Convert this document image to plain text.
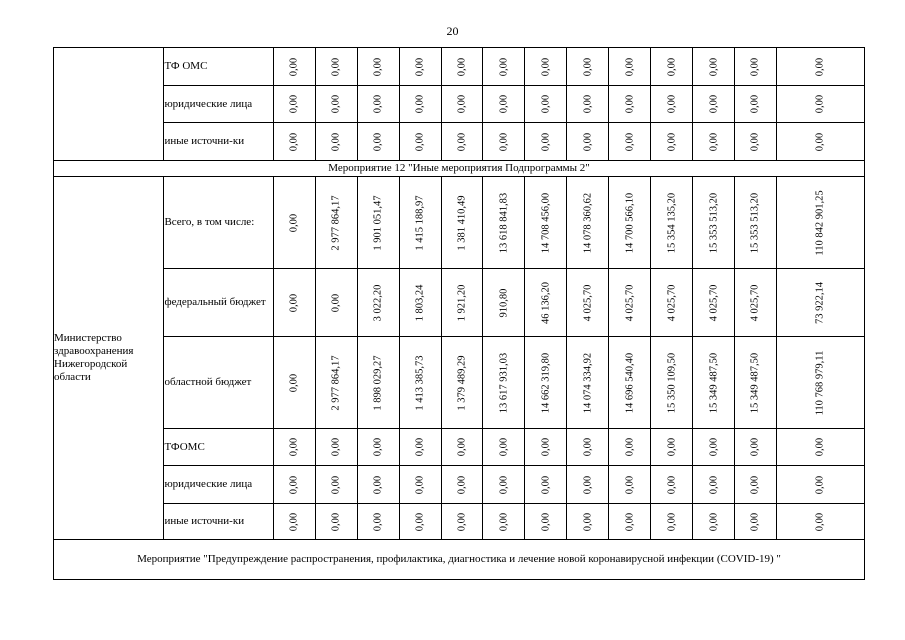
20
	ТФ ОМС	0,00	0,00	0,00	0,00	0,00	0,00	0,00	0,00	0,00	0,00	0,00	0,00	0,00

	юридические лица	0,00	0,00	0,00	0,00	0,00	0,00	0,00	0,00	0,00	0,00	0,00	0,00	0,00

	иные источни-ки	0,00	0,00	0,00	0,00	0,00	0,00	0,00	0,00	0,00	0,00	0,00	0,00	0,00

Мероприятие 12 "Иные мероприятия Подпрограммы 2"														
Министерство здравоохранения Нижегородской области	Всего, в том числе:	0,00	2 977 864,17	1 901 051,47	1 415 188,97	1 381 410,49	13 618 841,83	14 708 456,00	14 078 360,62	14 700 566,10	15 354 135,20	15 353 513,20	15 353 513,20	110 842 901,25

	федеральный бюджет	0,00	0,00	3 022,20	1 803,24	1 921,20	910,80	46 136,20	4 025,70	4 025,70	4 025,70	4 025,70	4 025,70	73 922,14

	областной бюджет	0,00	2 977 864,17	1 898 029,27	1 413 385,73	1 379 489,29	13 617 931,03	14 662 319,80	14 074 334,92	14 696 540,40	15 350 109,50	15 349 487,50	15 349 487,50	110 768 979,11

	ТФОМС	0,00	0,00	0,00	0,00	0,00	0,00	0,00	0,00	0,00	0,00	0,00	0,00	0,00

	юридические лица	0,00	0,00	0,00	0,00	0,00	0,00	0,00	0,00	0,00	0,00	0,00	0,00	0,00

	иные источни-ки	0,00	0,00	0,00	0,00	0,00	0,00	0,00	0,00	0,00	0,00	0,00	0,00	0,00

Мероприятие "Предупреждение распространения, профилактика, диагностика и лечение новой коронавирусной инфекции (COVID-19) "														
